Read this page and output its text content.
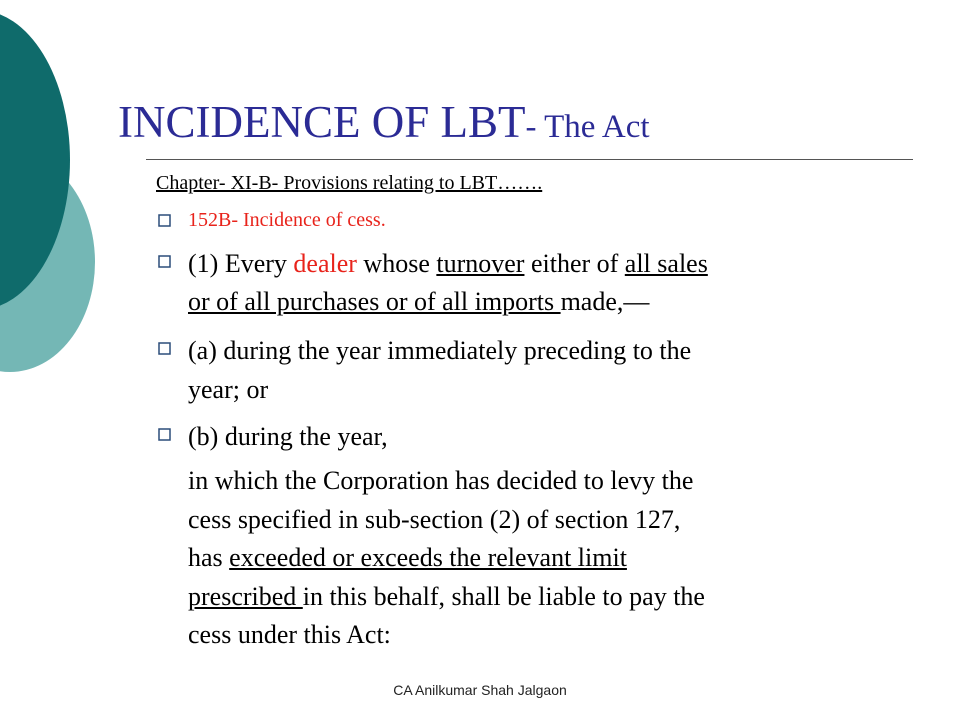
INCIDENCE OF LBT- The Act
Chapter- XI-B- Provisions relating to LBT…….
152B- Incidence of cess.
(1) Every dealer whose turnover either of all sales
or of all purchases or of all imports made,—
(a) during the year immediately preceding to the
year; or
(b) during the year,
in which the Corporation has decided to levy the
cess specified in sub-section (2) of section 127,
has exceeded or exceeds the relevant limit
prescribed in this behalf, shall be liable to pay the
cess under this Act:
CA Anilkumar Shah Jalgaon
